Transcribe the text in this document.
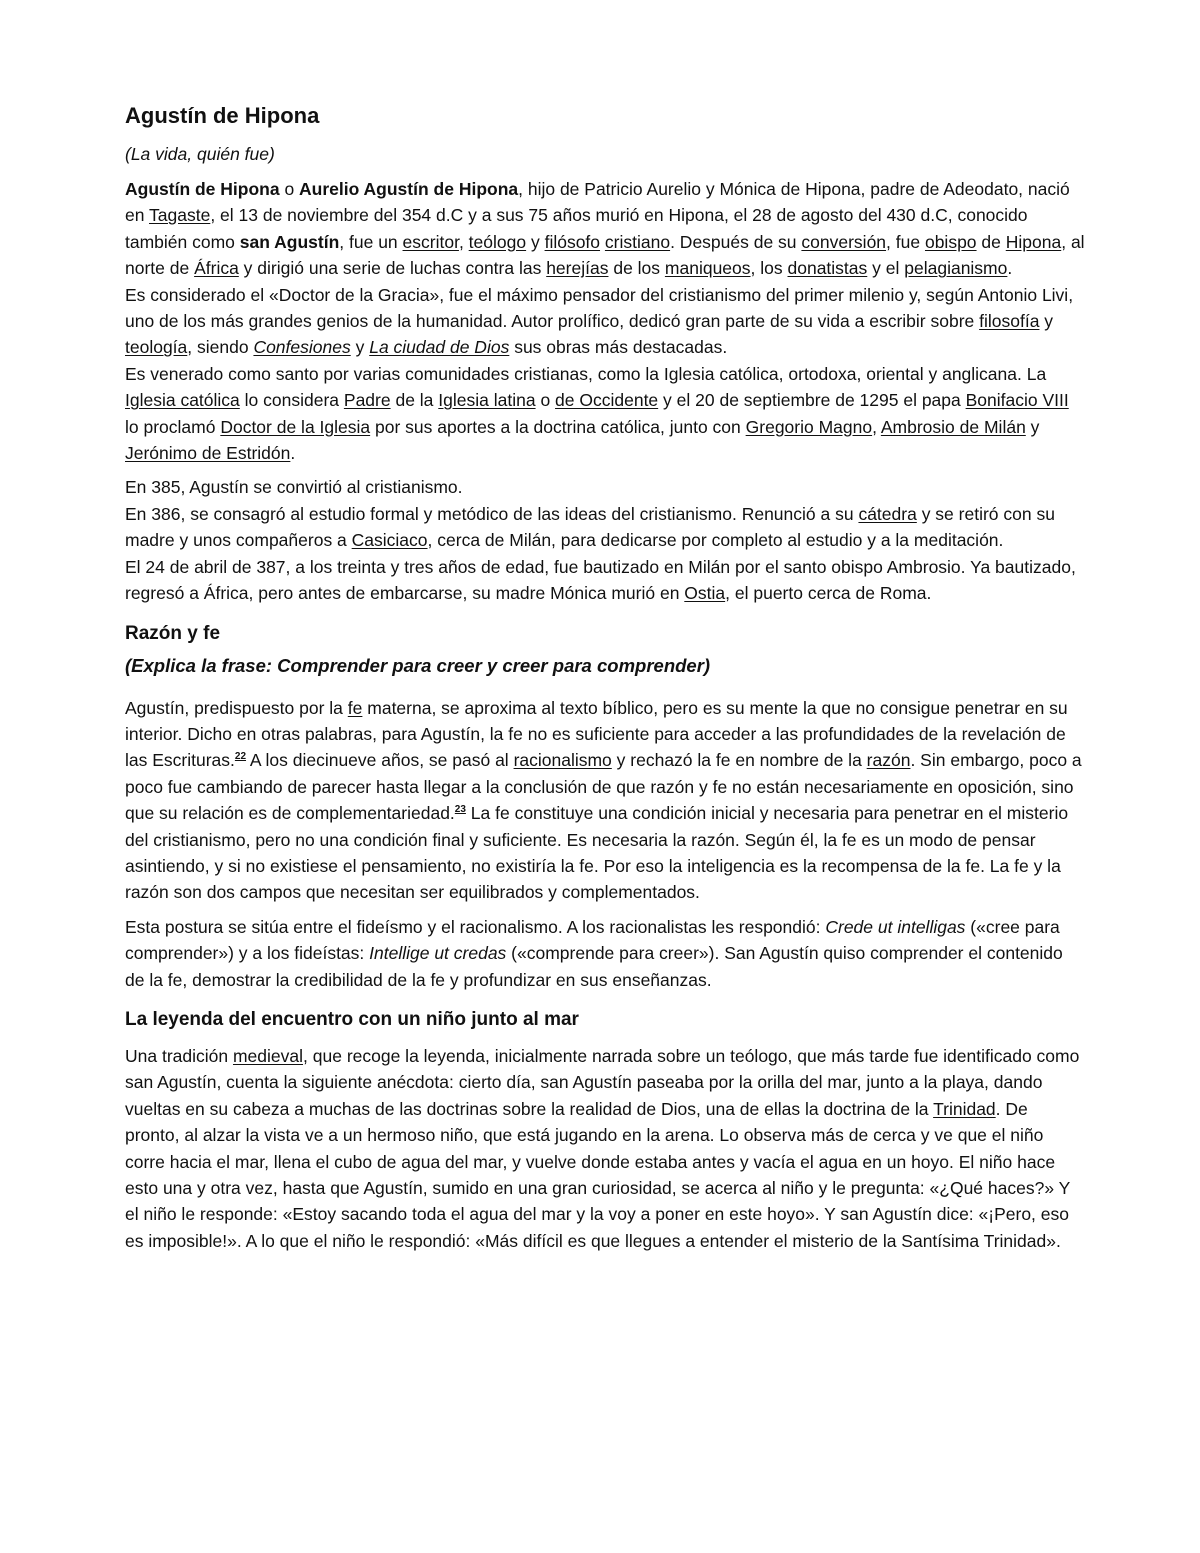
Agustín de Hipona
(La vida, quién fue)

Agustín de Hipona o Aurelio Agustín de Hipona, hijo de Patricio Aurelio y Mónica de Hipona, padre de Adeodato, nació en Tagaste, el 13 de noviembre del 354 d.C y a sus 75 años murió en Hipona, el 28 de agosto del 430 d.C, conocido también como san Agustín, fue un escritor, teólogo y filósofo cristiano. Después de su conversión, fue obispo de Hipona, al norte de África y dirigió una serie de luchas contra las herejías de los maniqueos, los donatistas y el pelagianismo.

Es considerado el «Doctor de la Gracia», fue el máximo pensador del cristianismo del primer milenio y, según Antonio Livi, uno de los más grandes genios de la humanidad. Autor prolífico, dedicó gran parte de su vida a escribir sobre filosofía y teología, siendo Confesiones y La ciudad de Dios sus obras más destacadas.

Es venerado como santo por varias comunidades cristianas, como la Iglesia católica, ortodoxa, oriental y anglicana. La Iglesia católica lo considera Padre de la Iglesia latina o de Occidente y el 20 de septiembre de 1295 el papa Bonifacio VIII lo proclamó Doctor de la Iglesia por sus aportes a la doctrina católica, junto con Gregorio Magno, Ambrosio de Milán y Jerónimo de Estridón.

En 385, Agustín se convirtió al cristianismo.

En 386, se consagró al estudio formal y metódico de las ideas del cristianismo. Renunció a su cátedra y se retiró con su madre y unos compañeros a Casiciaco, cerca de Milán, para dedicarse por completo al estudio y a la meditación.

El 24 de abril de 387, a los treinta y tres años de edad, fue bautizado en Milán por el santo obispo Ambrosio. Ya bautizado, regresó a África, pero antes de embarcarse, su madre Mónica murió en Ostia, el puerto cerca de Roma.

Razón y fe
(Explica la frase: Comprender para creer y creer para comprender)

Agustín, predispuesto por la fe materna, se aproxima al texto bíblico, pero es su mente la que no consigue penetrar en su interior. Dicho en otras palabras, para Agustín, la fe no es suficiente para acceder a las profundidades de la revelación de las Escrituras.$^{22}$ A los diecinueve años, se pasó al racionalismo y rechazó la fe en nombre de la razón. Sin embargo, poco a poco fue cambiando de parecer hasta llegar a la conclusión de que razón y fe no están necesariamente en oposición, sino que su relación es de complementariedad.$^{23}$ La fe constituye una condición inicial y necesaria para penetrar en el misterio del cristianismo, pero no una condición final y suficiente. Es necesaria la razón. Según él, la fe es un modo de pensar asintiendo, y si no existiese el pensamiento, no existiría la fe. Por eso la inteligencia es la recompensa de la fe. La fe y la razón son dos campos que necesitan ser equilibrados y complementados.

Esta postura se sitúa entre el fideísmo y el racionalismo. A los racionalistas les respondió: Crede ut intelligas («cree para comprender») y a los fideístas: Intellige ut credas («comprende para creer»). San Agustín quiso comprender el contenido de la fe, demostrar la credibilidad de la fe y profundizar en sus enseñanzas.

La leyenda del encuentro con un niño junto al mar

Una tradición medieval, que recoge la leyenda, inicialmente narrada sobre un teólogo, que más tarde fue identificado como san Agustín, cuenta la siguiente anécdota: cierto día, san Agustín paseaba por la orilla del mar, junto a la playa, dando vueltas en su cabeza a muchas de las doctrinas sobre la realidad de Dios, una de ellas la doctrina de la Trinidad. De pronto, al alzar la vista ve a un hermoso niño, que está jugando en la arena. Lo observa más de cerca y ve que el niño corre hacia el mar, llena el cubo de agua del mar, y vuelve donde estaba antes y vacía el agua en un hoyo. El niño hace esto una y otra vez, hasta que Agustín, sumido en una gran curiosidad, se acerca al niño y le pregunta: «¿Qué haces?» Y el niño le responde: «Estoy sacando toda el agua del mar y la voy a poner en este hoyo». Y san Agustín dice: «¡Pero, eso es imposible!». A lo que el niño le respondió: «Más difícil es que llegues a entender el misterio de la Santísima Trinidad».
